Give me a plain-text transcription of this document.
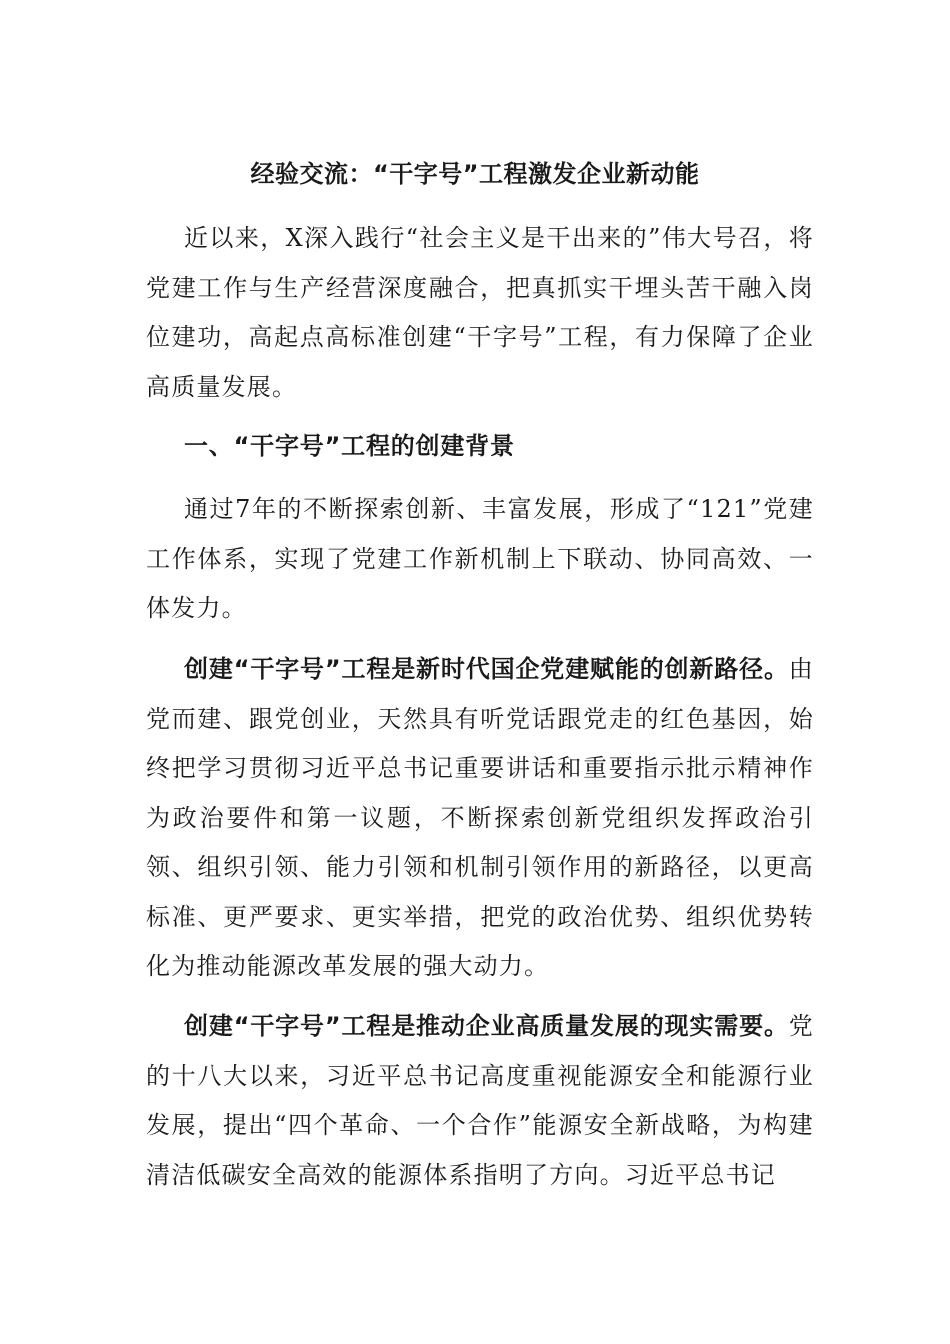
经验交流：“干字号”工程激发企业新动能

近以来，X深入践行“社会主义是干出来的”伟大号召，将党建工作与生产经营深度融合，把真抓实干埋头苦干融入岗位建功，高起点高标准创建“干字号”工程，有力保障了企业高质量发展。

一、“干字号”工程的创建背景

通过7年的不断探索创新、丰富发展，形成了“121”党建工作体系，实现了党建工作新机制上下联动、协同高效、一体发力。

创建“干字号”工程是新时代国企党建赋能的创新路径。由党而建、跟党创业，天然具有听党话跟党走的红色基因，始终把学习贯彻习近平总书记重要讲话和重要指示批示精神作为政治要件和第一议题，不断探索创新党组织发挥政治引领、组织引领、能力引领和机制引领作用的新路径，以更高标准、更严要求、更实举措，把党的政治优势、组织优势转化为推动能源改革发展的强大动力。

创建“干字号”工程是推动企业高质量发展的现实需要。党的十八大以来，习近平总书记高度重视能源安全和能源行业发展，提出“四个革命、一个合作”能源安全新战略，为构建清洁低碳安全高效的能源体系指明了方向。习近平总书记
